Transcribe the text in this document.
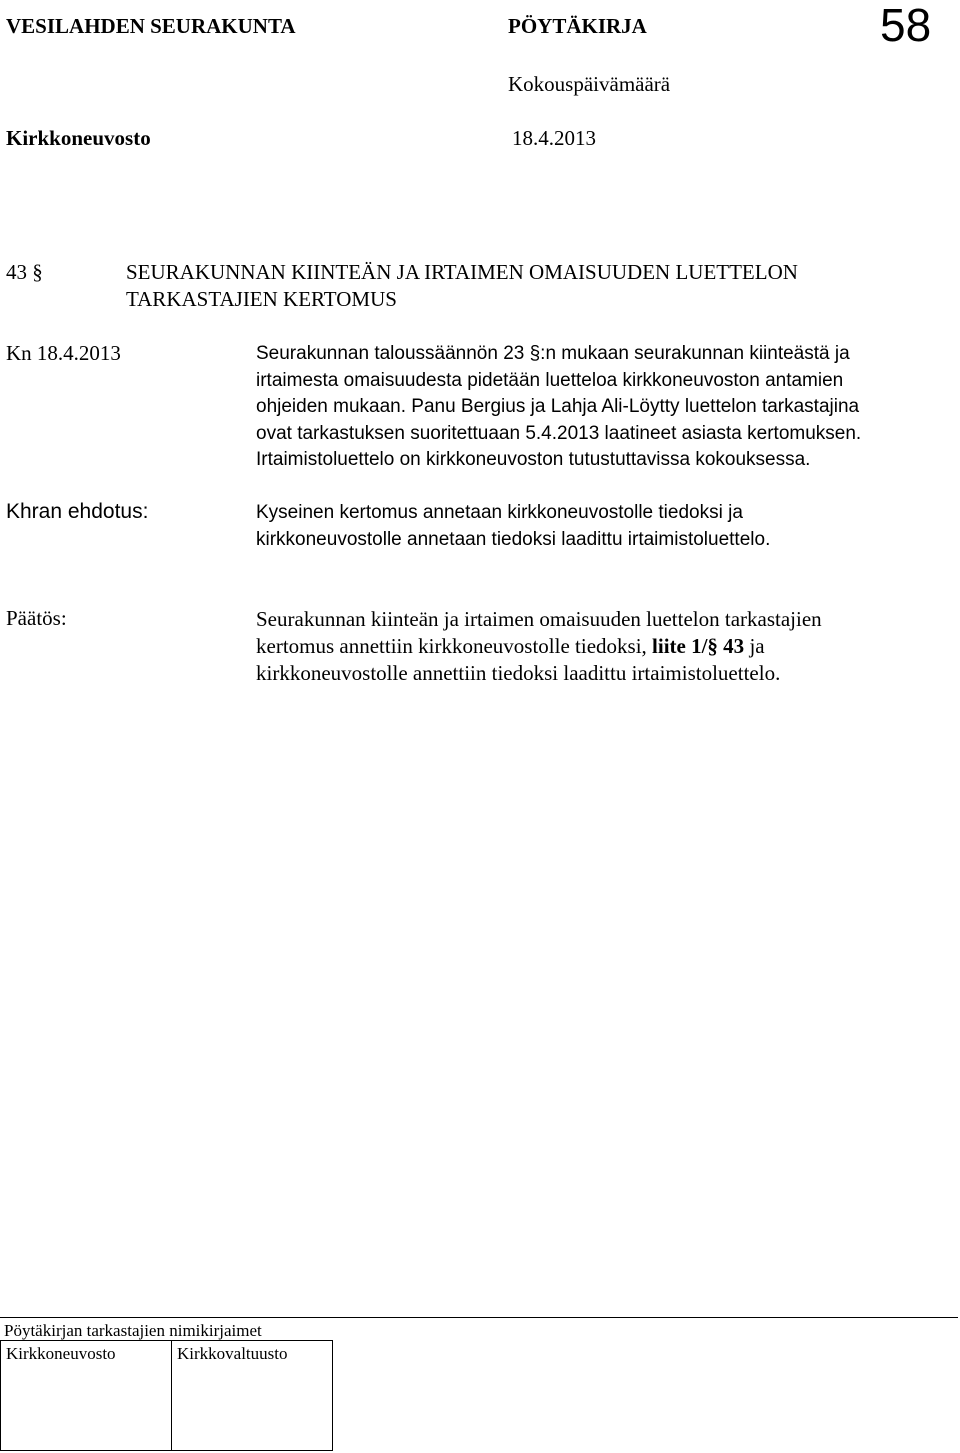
VESILAHDEN SEURAKUNTA	PÖYTÄKIRJA	58
Kokouspäivämäärä
Kirkkoneuvosto	18.4.2013
43 §	SEURAKUNNAN KIINTEÄN JA IRTAIMEN OMAISUUDEN LUETTELON
TARKASTAJIEN KERTOMUS
Kn 18.4.2013	Seurakunnan taloussäännön 23 §:n mukaan seurakunnan kiinteästä ja

irtaimesta omaisuudesta pidetään luetteloa kirkkoneuvoston antamien

ohjeiden mukaan. Panu Bergius ja Lahja Ali-Löytty luettelon tarkastajina

ovat tarkastuksen suoritettuaan 5.4.2013 laatineet asiasta kertomuksen.

Irtaimistoluettelo on kirkkoneuvoston tutustuttavissa kokouksessa.

Khran ehdotus:	Kyseinen kertomus annetaan kirkkoneuvostolle tiedoksi ja

kirkkoneuvostolle annetaan tiedoksi laadittu irtaimistoluettelo.

Päätös:	Seurakunnan kiinteän ja irtaimen omaisuuden luettelon tarkastajien

kertomus annettiin kirkkoneuvostolle tiedoksi, liite 1/§ 43 ja

kirkkoneuvostolle annettiin tiedoksi laadittu irtaimistoluettelo.

Pöytäkirjan tarkastajien nimikirjaimet
Kirkkoneuvosto	Kirkkovaltuusto
